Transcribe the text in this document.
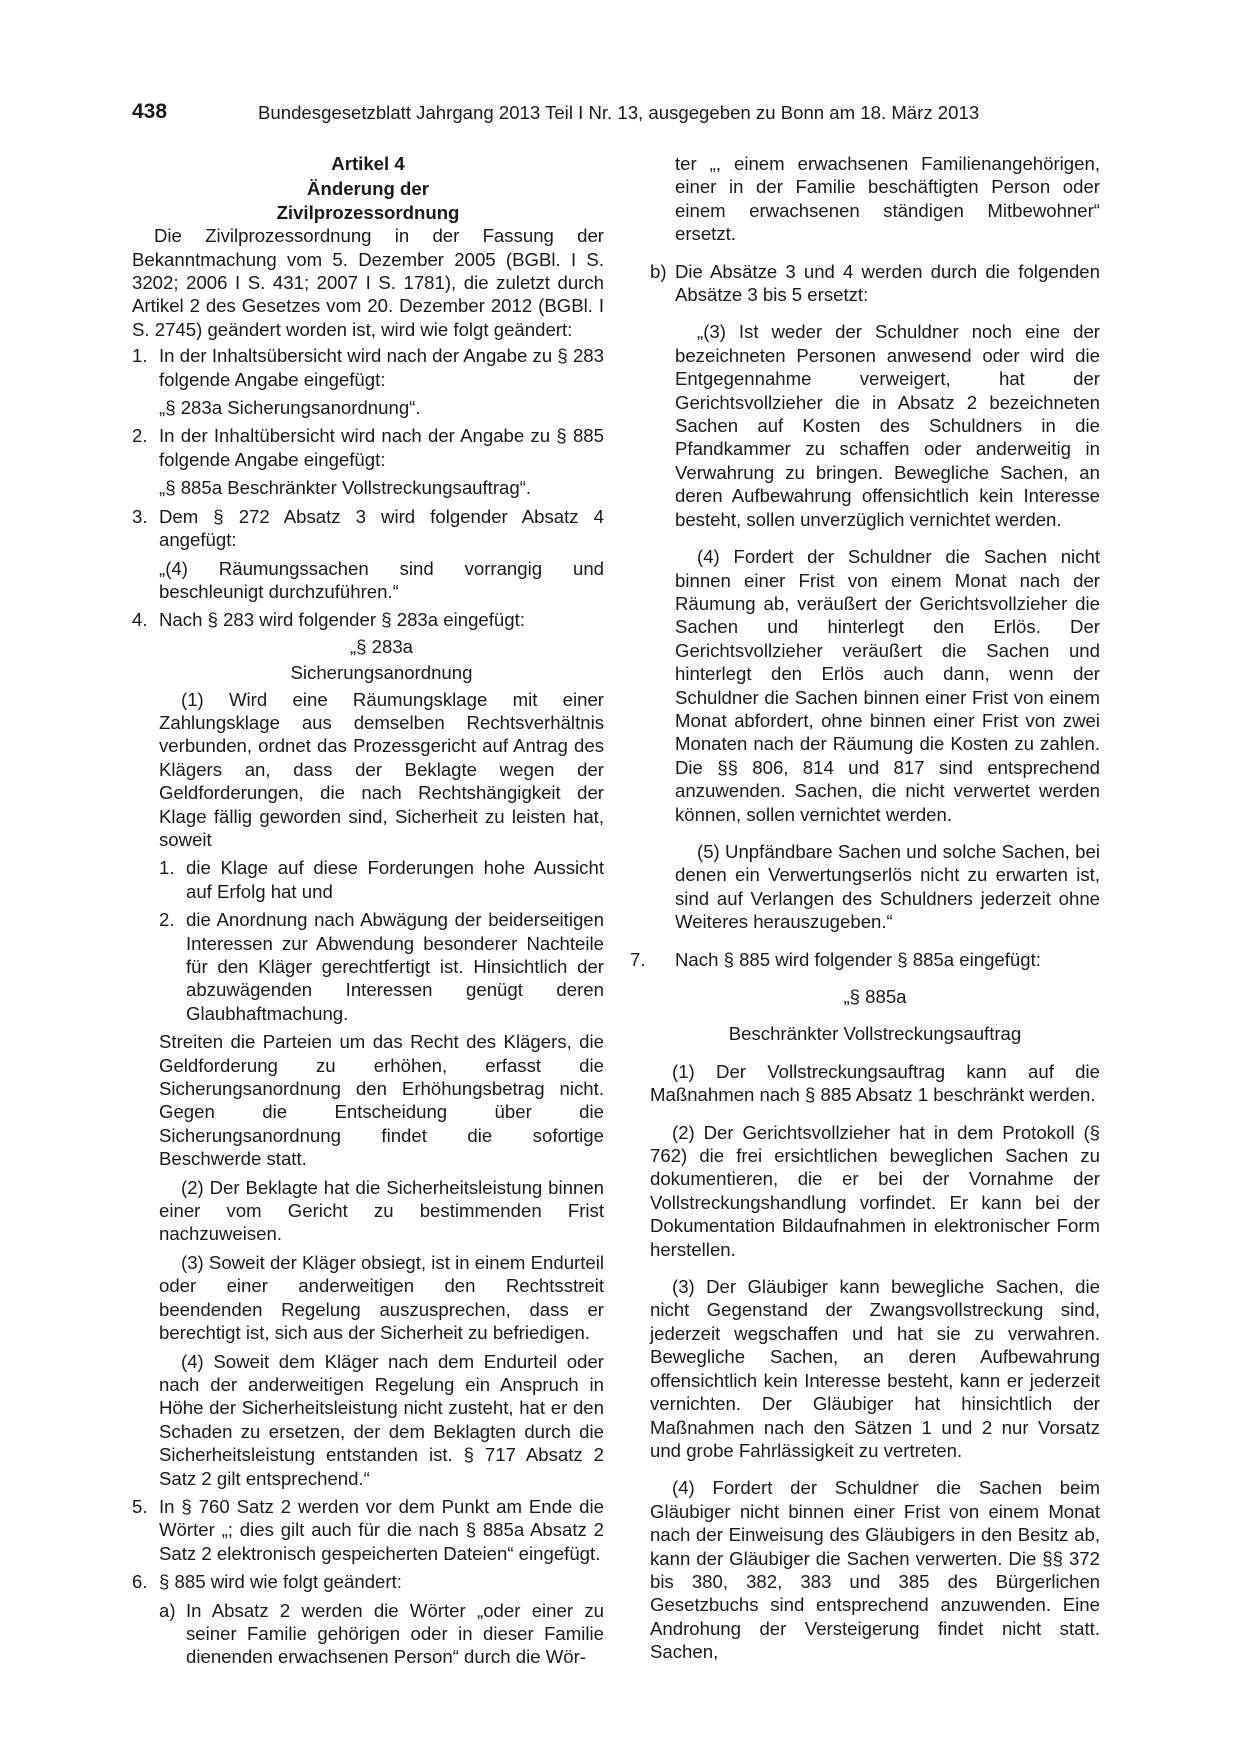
438	Bundesgesetzblatt Jahrgang 2013 Teil I Nr. 13, ausgegeben zu Bonn am 18. März 2013

Artikel 4

Änderung der

Zivilprozessordnung

Die Zivilprozessordnung in der Fassung der Bekanntmachung vom 5. Dezember 2005 (BGBl. I S. 3202; 2006 I S. 431; 2007 I S. 1781), die zuletzt durch Artikel 2 des Gesetzes vom 20. Dezember 2012 (BGBl. I S. 2745) geändert worden ist, wird wie folgt geändert:

1. In der Inhaltsübersicht wird nach der Angabe zu § 283 folgende Angabe eingefügt:

„§ 283a Sicherungsanordnung“.

2. In der Inhaltübersicht wird nach der Angabe zu § 885 folgende Angabe eingefügt:

„§ 885a Beschränkter Vollstreckungsauftrag“.

3. Dem § 272 Absatz 3 wird folgender Absatz 4 angefügt:

„(4) Räumungssachen sind vorrangig und beschleunigt durchzuführen.“

4. Nach § 283 wird folgender § 283a eingefügt:

„§ 283a

Sicherungsanordnung

(1) Wird eine Räumungsklage mit einer Zahlungsklage aus demselben Rechtsverhältnis verbunden, ordnet das Prozessgericht auf Antrag des Klägers an, dass der Beklagte wegen der Geldforderungen, die nach Rechtshängigkeit der Klage fällig geworden sind, Sicherheit zu leisten hat, soweit

1. die Klage auf diese Forderungen hohe Aussicht auf Erfolg hat und

2. die Anordnung nach Abwägung der beiderseitigen Interessen zur Abwendung besonderer Nachteile für den Kläger gerechtfertigt ist. Hinsichtlich der abzuwägenden Interessen genügt deren Glaubhaftmachung.

Streiten die Parteien um das Recht des Klägers, die Geldforderung zu erhöhen, erfasst die Sicherungsanordnung den Erhöhungsbetrag nicht. Gegen die Entscheidung über die Sicherungsanordnung findet die sofortige Beschwerde statt.

(2) Der Beklagte hat die Sicherheitsleistung binnen einer vom Gericht zu bestimmenden Frist nachzuweisen.

(3) Soweit der Kläger obsiegt, ist in einem Endurteil oder einer anderweitigen den Rechtsstreit beendenden Regelung auszusprechen, dass er berechtigt ist, sich aus der Sicherheit zu befriedigen.

(4) Soweit dem Kläger nach dem Endurteil oder nach der anderweitigen Regelung ein Anspruch in Höhe der Sicherheitsleistung nicht zusteht, hat er den Schaden zu ersetzen, der dem Beklagten durch die Sicherheitsleistung entstanden ist. § 717 Absatz 2 Satz 2 gilt entsprechend.“

5. In § 760 Satz 2 werden vor dem Punkt am Ende die Wörter „; dies gilt auch für die nach § 885a Absatz 2 Satz 2 elektronisch gespeicherten Dateien“ eingefügt.

6. § 885 wird wie folgt geändert:

a) In Absatz 2 werden die Wörter „oder einer zu seiner Familie gehörigen oder in dieser Familie dienenden erwachsenen Person“ durch die Wör-

ter „, einem erwachsenen Familienangehörigen, einer in der Familie beschäftigten Person oder einem erwachsenen ständigen Mitbewohner“ ersetzt.

b) Die Absätze 3 und 4 werden durch die folgenden Absätze 3 bis 5 ersetzt:

„(3) Ist weder der Schuldner noch eine der bezeichneten Personen anwesend oder wird die Entgegennahme verweigert, hat der Gerichtsvollzieher die in Absatz 2 bezeichneten Sachen auf Kosten des Schuldners in die Pfandkammer zu schaffen oder anderweitig in Verwahrung zu bringen. Bewegliche Sachen, an deren Aufbewahrung offensichtlich kein Interesse besteht, sollen unverzüglich vernichtet werden.

(4) Fordert der Schuldner die Sachen nicht binnen einer Frist von einem Monat nach der Räumung ab, veräußert der Gerichtsvollzieher die Sachen und hinterlegt den Erlös. Der Gerichtsvollzieher veräußert die Sachen und hinterlegt den Erlös auch dann, wenn der Schuldner die Sachen binnen einer Frist von einem Monat abfordert, ohne binnen einer Frist von zwei Monaten nach der Räumung die Kosten zu zahlen. Die §§ 806, 814 und 817 sind entsprechend anzuwenden. Sachen, die nicht verwertet werden können, sollen vernichtet werden.

(5) Unpfändbare Sachen und solche Sachen, bei denen ein Verwertungserlös nicht zu erwarten ist, sind auf Verlangen des Schuldners jederzeit ohne Weiteres herauszugeben.“

7. Nach § 885 wird folgender § 885a eingefügt:

„§ 885a

Beschränkter Vollstreckungsauftrag

(1) Der Vollstreckungsauftrag kann auf die Maßnahmen nach § 885 Absatz 1 beschränkt werden.

(2) Der Gerichtsvollzieher hat in dem Protokoll (§ 762) die frei ersichtlichen beweglichen Sachen zu dokumentieren, die er bei der Vornahme der Vollstreckungshandlung vorfindet. Er kann bei der Dokumentation Bildaufnahmen in elektronischer Form herstellen.

(3) Der Gläubiger kann bewegliche Sachen, die nicht Gegenstand der Zwangsvollstreckung sind, jederzeit wegschaffen und hat sie zu verwahren. Bewegliche Sachen, an deren Aufbewahrung offensichtlich kein Interesse besteht, kann er jederzeit vernichten. Der Gläubiger hat hinsichtlich der Maßnahmen nach den Sätzen 1 und 2 nur Vorsatz und grobe Fahrlässigkeit zu vertreten.

(4) Fordert der Schuldner die Sachen beim Gläubiger nicht binnen einer Frist von einem Monat nach der Einweisung des Gläubigers in den Besitz ab, kann der Gläubiger die Sachen verwerten. Die §§ 372 bis 380, 382, 383 und 385 des Bürgerlichen Gesetzbuchs sind entsprechend anzuwenden. Eine Androhung der Versteigerung findet nicht statt. Sachen,
